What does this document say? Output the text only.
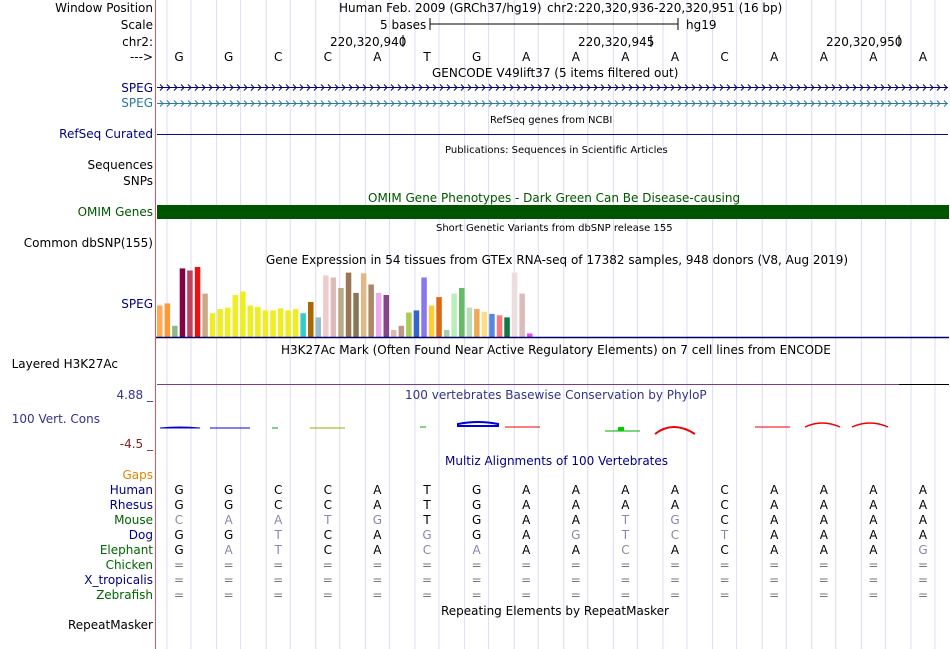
Window Position
Scale
chr2:
--->
Human Feb. 2009 (GRCh37/hg19) chr2:220,320,936-220,320,951 (16 bp)
5 bases	hg19
220,320,940	220,320,945	220,320,950
G	G	C	C	A	T	G	A	A	A	A	C	A	A	A	A
GENCODE V49lift37 (5 items filtered out)
SPEG
SPEG
RefSeq genes from NCBI
RefSeq Curated
Publications: Sequences in Scientific Articles
Sequences
SNPs
OMIM Gene Phenotypes - Dark Green Can Be Disease-causing
OMIM Genes
Short Genetic Variants from dbSNP release 155
Common dbSNP(155)
Gene Expression in 54 tissues from GTEx RNA-seq of 17382 samples, 948 donors (V8, Aug 2019)
SPEG
H3K27Ac Mark (Often Found Near Active Regulatory Elements) on 7 cell lines from ENCODE
Layered H3K27Ac
100 vertebrates Basewise Conservation by PhyloP
4.88 _
100 Vert. Cons
-4.5 _
Multiz Alignments of 100 Vertebrates
Gaps
Human	G	G	C	C	A	T	G	A	A	A	A	C	A	A	A	A
Rhesus	G	G	C	C	A	T	G	A	A	A	A	C	A	A	A	A
Mouse	C	A	A	T	G	T	G	A	A	T	G	C	A	A	A	A
Dog	G	G	T	C	A	G	G	A	G	T	C	T	A	A	A	A
Elephant	G	A	T	C	A	C	A	A	A	C	A	C	A	A	A	G
Chicken	=	=	=	=	=	=	=	=	=	=	=	=	=	=	=	=
X_tropicalis	=	=	=	=	=	=	=	=	=	=	=	=	=	=	=	=
Zebrafish	=	=	=	=	=	=	=	=	=	=	=	=	=	=	=	=
Repeating Elements by RepeatMasker
RepeatMasker
